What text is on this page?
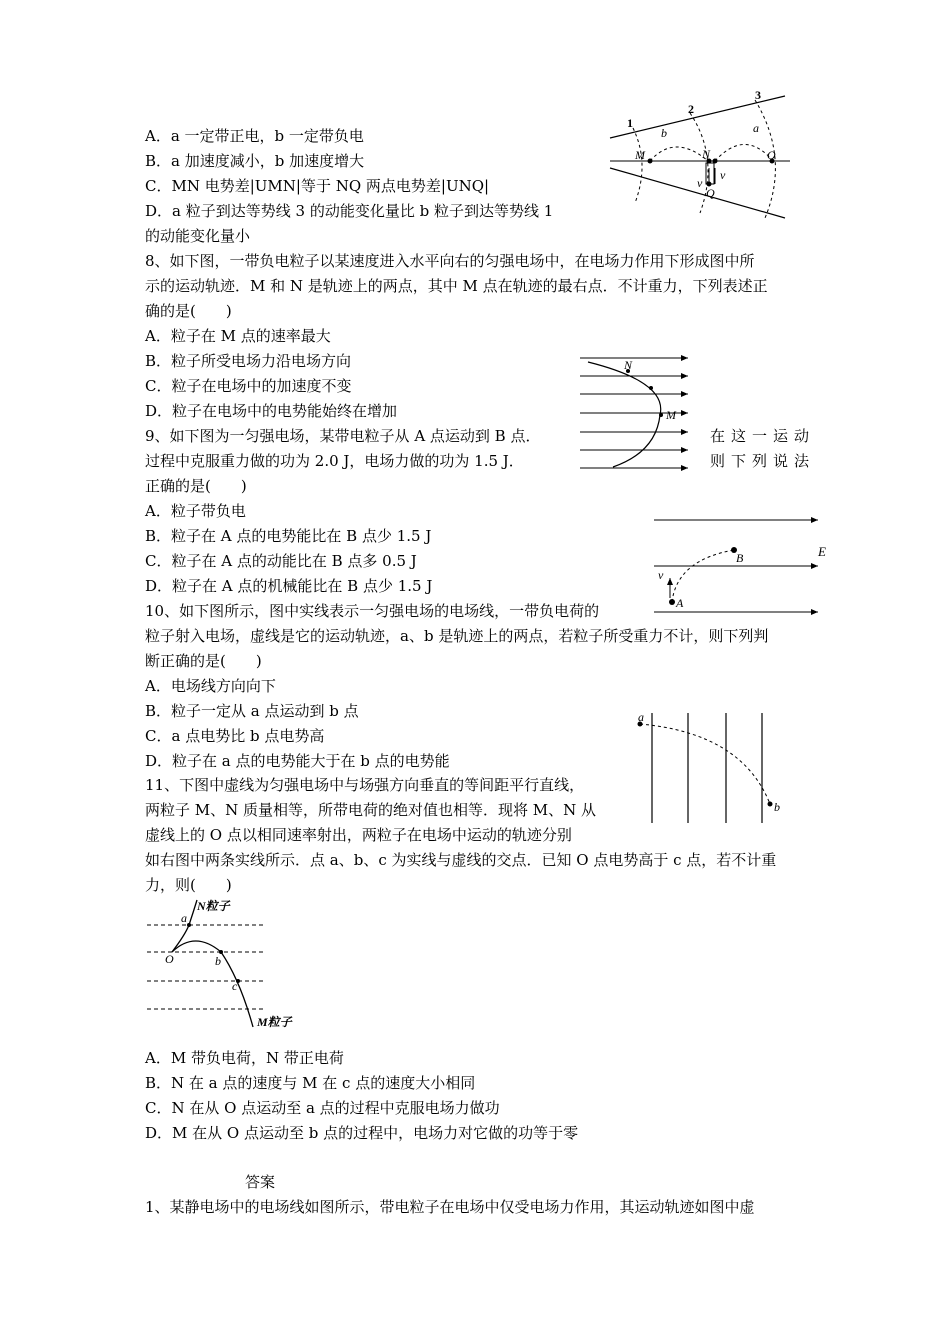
A．a 一定带正电，b 一定带负电
B．a 加速度减小，b 加速度增大
C．MN 电势差|UMN|等于 NQ 两点电势差|UNQ|
D．a 粒子到达等势线 3 的动能变化量比 b 粒子到达等势线 1
的动能变化量小
1
2
3
b	a
M	N	O
Q
v
v
8、如下图，一带负电粒子以某速度进入水平向右的匀强电场中，在电场力作用下形成图中所
示的运动轨迹．M 和 N 是轨迹上的两点，其中 M 点在轨迹的最右点．不计重力，下列表述正
确的是(　　)
A．粒子在 M 点的速率最大
B．粒子所受电场力沿电场方向
C．粒子在电场中的加速度不变
D．粒子在电场中的电势能始终在增加
N
M
9、如下图为一匀强电场，某带电粒子从 A 点运动到 B 点．	在这一运动
过程中克服重力做的功为 2.0 J，电场力做的功为 1.5 J．	则下列说法
正确的是(　　)
A．粒子带负电
B．粒子在 A 点的电势能比在 B 点少 1.5 J
C．粒子在 A 点的动能比在 B 点多 0.5 J
D．粒子在 A 点的机械能比在 B 点少 1.5 J
E
B
A
v
10、如下图所示，图中实线表示一匀强电场的电场线，一带负电荷的
粒子射入电场，虚线是它的运动轨迹，a、b 是轨迹上的两点，若粒子所受重力不计，则下列判
断正确的是(　　)
A．电场线方向向下
B．粒子一定从 a 点运动到 b 点
C．a 点电势比 b 点电势高
D．粒子在 a 点的电势能大于在 b 点的电势能
a
b
11、下图中虚线为匀强电场中与场强方向垂直的等间距平行直线，
两粒子 M、N 质量相等，所带电荷的绝对值也相等．现将 M、N 从
虚线上的 O 点以相同速率射出，两粒子在电场中运动的轨迹分别
如右图中两条实线所示．点 a、b、c 为实线与虚线的交点．已知 O 点电势高于 c 点，若不计重
力，则(　　)
N粒子
M粒子
a
b
c
O
A．M 带负电荷，N 带正电荷
B．N 在 a 点的速度与 M 在 c 点的速度大小相同
C．N 在从 O 点运动至 a 点的过程中克服电场力做功
D．M 在从 O 点运动至 b 点的过程中，电场力对它做的功等于零
答案
1、某静电场中的电场线如图所示，带电粒子在电场中仅受电场力作用，其运动轨迹如图中虚
